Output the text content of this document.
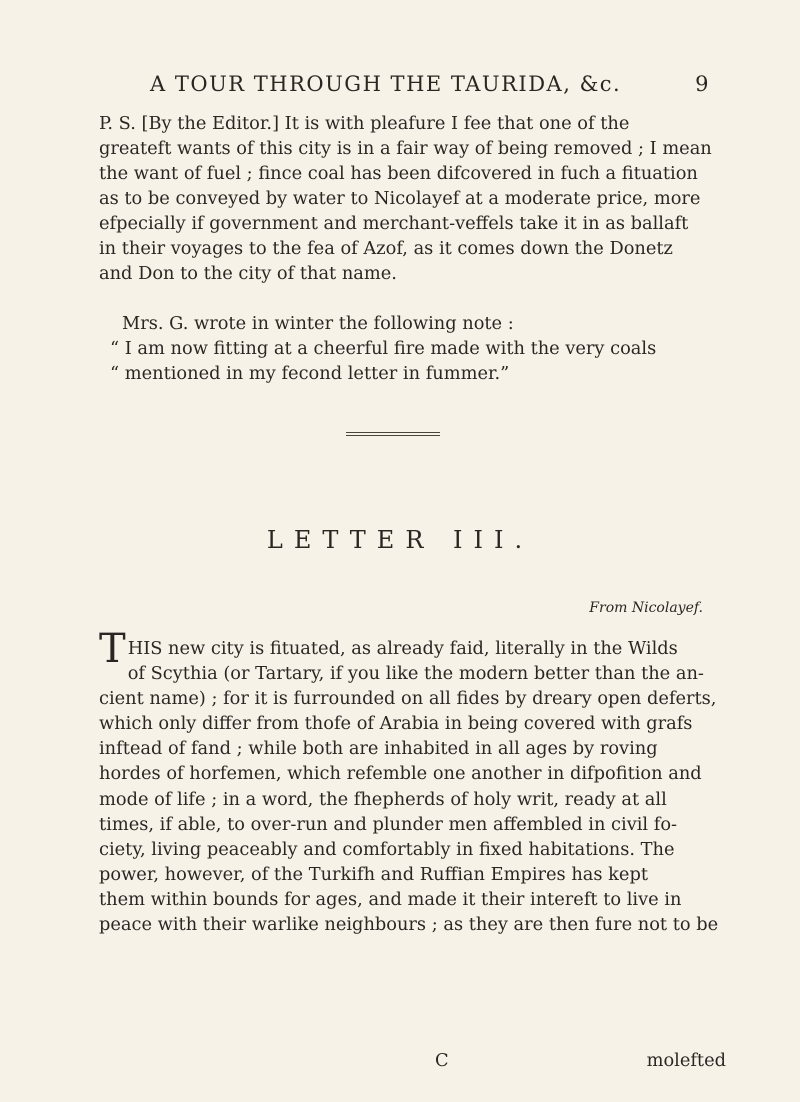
A TOUR THROUGH THE TAURIDA, &c.	9
P. S. [By the Editor.] It is with pleafure I fee that one of the
greateft wants of this city is in a fair way of being removed ; I mean
the want of fuel ; fince coal has been difcovered in fuch a fituation
as to be conveyed by water to Nicolayef at a moderate price, more
efpecially if government and merchant-veffels take it in as ballaft
in their voyages to the fea of Azof, as it comes down the Donetz
and Don to the city of that name.
Mrs. G. wrote in winter the following note :
“ I am now fitting at a cheerful fire made with the very coals
“ mentioned in my fecond letter in fummer.”
LETTER III.
From Nicolayef.
T HIS new city is fituated, as already faid, literally in the Wilds
of Scythia (or Tartary, if you like the modern better than the an-
cient name) ; for it is furrounded on all fides by dreary open deferts,
which only differ from thofe of Arabia in being covered with grafs
inftead of fand ; while both are inhabited in all ages by roving
hordes of horfemen, which refemble one another in difpofition and
mode of life ; in a word, the fhepherds of holy writ, ready at all
times, if able, to over-run and plunder men affembled in civil fo-
ciety, living peaceably and comfortably in fixed habitations. The
power, however, of the Turkifh and Ruffian Empires has kept
them within bounds for ages, and made it their intereft to live in
peace with their warlike neighbours ; as they are then fure not to be
C	molefted
